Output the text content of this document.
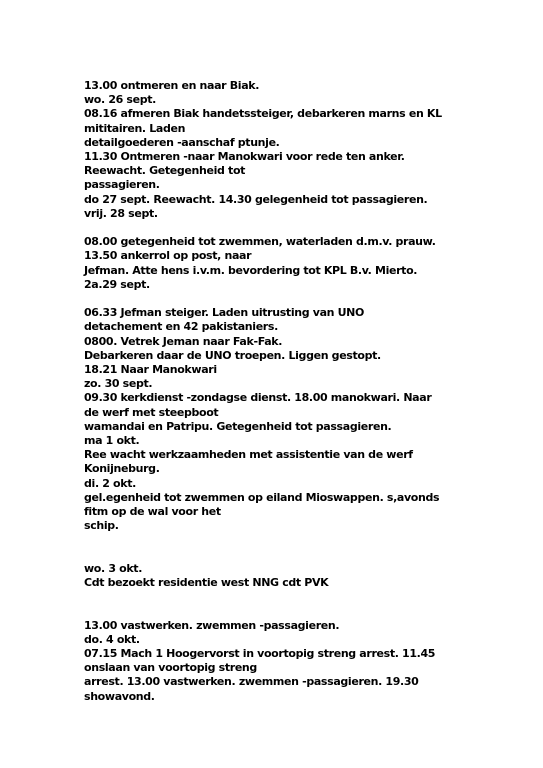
13.00 ontmeren en naar Biak.
wo. 26 sept.
08.16 afmeren Biak handetssteiger, debarkeren marns en KL
mititairen. Laden
detailgoederen -aanschaf ptunje.
11.30 Ontmeren -naar Manokwari voor rede ten anker.
Reewacht. Getegenheid tot
passagieren.
do 27 sept. Reewacht. 14.30 gelegenheid tot passagieren.
vrij. 28 sept.
08.00 getegenheid tot zwemmen, waterladen d.m.v. prauw.
13.50 ankerrol op post, naar
Jefman. Atte hens i.v.m. bevordering tot KPL B.v. Mierto.
2a.29 sept.
06.33 Jefman steiger. Laden uitrusting van UNO
detachement en 42 pakistaniers.
0800. Vetrek Jeman naar Fak-Fak.
Debarkeren daar de UNO troepen. Liggen gestopt.
18.21 Naar Manokwari
zo. 30 sept.
09.30 kerkdienst -zondagse dienst. 18.00 manokwari. Naar
de werf met steepboot
wamandai en Patripu. Getegenheid tot passagieren.
ma 1 okt.
Ree wacht werkzaamheden met assistentie van de werf
Konijneburg.
di. 2 okt.
gel.egenheid tot zwemmen op eiland Mioswappen. s,avonds
fitm op de wal voor het
schip.
wo. 3 okt.
Cdt bezoekt residentie west NNG cdt PVK
13.00 vastwerken. zwemmen -passagieren.
do. 4 okt.
07.15 Mach 1 Hoogervorst in voortopig streng arrest. 11.45
onslaan van voortopig streng
arrest. 13.00 vastwerken. zwemmen -passagieren. 19.30
showavond.
